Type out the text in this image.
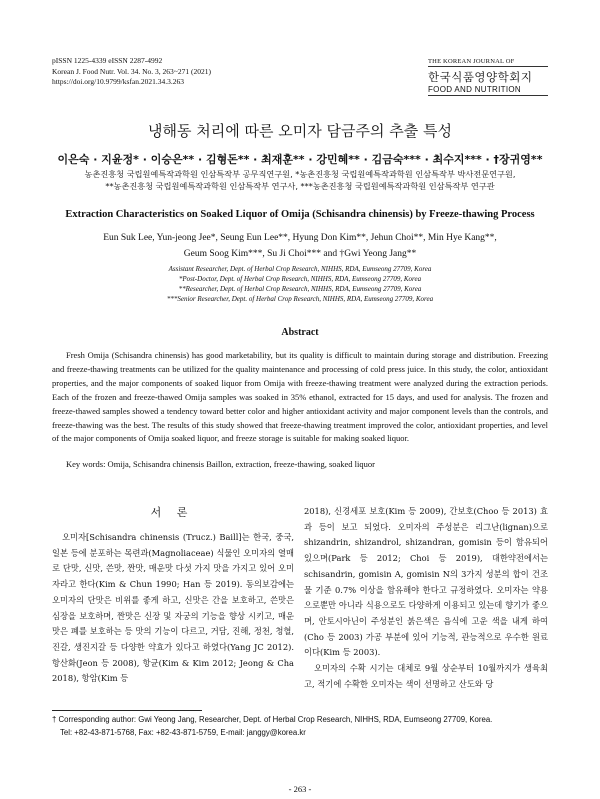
pISSN 1225-4339 eISSN 2287-4992
Korean J. Food Nutr. Vol. 34. No. 3, 263~271 (2021)
https://doi.org/10.9799/ksfan.2021.34.3.263
THE KOREAN JOURNAL OF
한국식품영양학회지
FOOD AND NUTRITION
냉해동 처리에 따른 오미자 담금주의 추출 특성
이은숙 · 지윤정* · 이승은** · 김형돈** · 최재훈** · 강민혜** · 김금숙*** · 최수지*** · †장귀영**
농촌진흥청 국립원예특작과학원 인삼특작부 공무직연구원, *농촌진흥청 국립원예특작과학원 인삼특작부 박사전문연구원,
**농촌진흥청 국립원예특작과학원 인삼특작부 연구사, ***농촌진흥청 국립원예특작과학원 인삼특작부 연구관
Extraction Characteristics on Soaked Liquor of Omija (Schisandra chinensis) by Freeze-thawing Process
Eun Suk Lee, Yun-jeong Jee*, Seung Eun Lee**, Hyung Don Kim**, Jehun Choi**, Min Hye Kang**,
Geum Soog Kim***, Su Ji Choi*** and †Gwi Yeong Jang**
Assistant Researcher, Dept. of Herbal Crop Research, NIHHS, RDA, Eumseong 27709, Korea
*Post-Doctor, Dept. of Herbal Crop Research, NIHHS, RDA, Eumseong 27709, Korea
**Researcher, Dept. of Herbal Crop Research, NIHHS, RDA, Eumseong 27709, Korea
***Senior Researcher, Dept. of Herbal Crop Research, NIHHS, RDA, Eumseong 27709, Korea
Abstract

Fresh Omija (Schisandra chinensis) has good marketability, but its quality is difficult to maintain during storage and distribution. Freezing and freeze-thawing treatments can be utilized for the quality maintenance and processing of cold press juice. In this study, the color, antioxidant properties, and the major components of soaked liquor from Omija with freeze-thawing treatment were analyzed during the extraction periods. Each of the frozen and freeze-thawed Omija samples was soaked in 35% ethanol, extracted for 15 days, and used for analysis. The frozen and freeze-thawed samples showed a tendency toward better color and higher antioxidant activity and major component levels than the controls, and freeze-thawing was the best. The results of this study showed that freeze-thawing treatment improved the color, antioxidant properties, and level of the major components of Omija soaked liquor, and freeze storage is suitable for making soaked liquor.

Key words: Omija, Schisandra chinensis Baillon, extraction, freeze-thawing, soaked liquor
서 론

오미자[Schisandra chinensis (Trucz.) Baill]는 한국, 중국, 일본 등에 분포하는 목련과(Magnoliaceae) 식물인 오미자의 열매로 단맛, 신맛, 쓴맛, 짠맛, 매운맛 다섯 가지 맛을 가지고 있어 오미자라고 한다(Kim & Chun 1990; Han 등 2019). 동의보감에는 오미자의 단맛은 비위를 좋게 하고, 신맛은 간을 보호하고, 쓴맛은 심장을 보호하며, 짠맛은 신장 및 자궁의 기능을 향상 시키고, 매운맛은 폐를 보호하는 등 맛의 기능이 다르고, 거담, 진해, 정천, 청혈, 진갈, 생진지갈 등 다양한 약효가 있다고 하였다(Yang JC 2012). 항산화(Jeon 등 2008), 항균(Kim & Kim 2012; Jeong & Cha 2018), 항암(Kim 등

2018), 신경세포 보호(Kim 등 2009), 간보호(Choo 등 2013) 효과 등이 보고 되었다. 오미자의 주성분은 리그난(lignan)으로 shizandrin, shizandrol, shizandran, gomisin 등이 함유되어 있으며(Park 등 2012; Choi 등 2019), 대한약전에서는 schisandrin, gomisin A, gomisin N의 3가지 성분의 합이 건조물 기준 0.7% 이상을 함유해야 한다고 규정하였다. 오미자는 약용으로뿐만 아니라 식용으로도 다양하게 이용되고 있는데 향기가 좋으며, 안토시아닌이 주성분인 붉은색은 음식에 고운 색을 내게 하여(Cho 등 2003) 가공 부분에 있어 기능적, 관능적으로 우수한 원료이다(Kim 등 2003).

오미자의 수확 시기는 대체로 9월 상순부터 10월까지가 생육최고, 적기에 수확한 오미자는 색이 선명하고 산도와 당

† Corresponding author: Gwi Yeong Jang, Researcher, Dept. of Herbal Crop Research, NIHHS, RDA, Eumseong 27709, Korea.
Tel: +82-43-871-5768, Fax: +82-43-871-5759, E-mail: janggy@korea.kr
- 263 -
